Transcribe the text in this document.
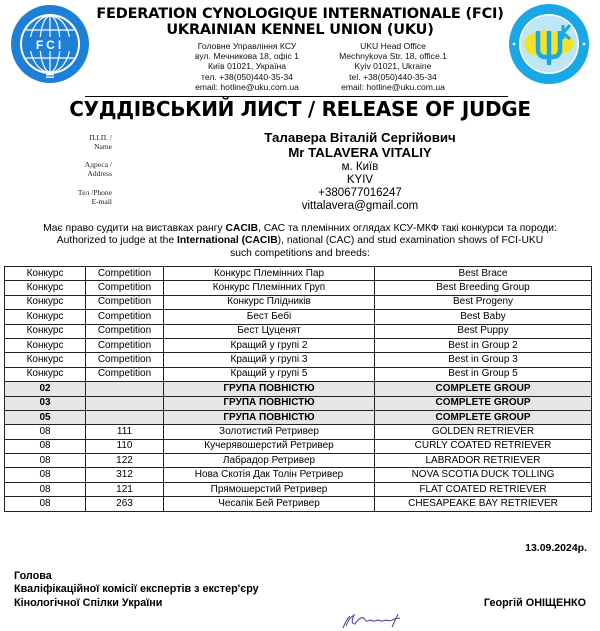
FCI
FEDERATION CYNOLOGIQUE INTERNATIONALE (FCI)
UKRAINIAN KENNEL UNION (UKU)
Головне Управління КСУ
вул. Мечникова 18, офіс 1
Київ 01021, Україна
тел. +38(050)440-35-34
email: hotline@uku.com.ua
UKU Head Office
Mechnykova Str. 18, office.1
Kyiv 01021, Ukraine
tel. +38(050)440-35-34
email: hotline@uku.com.ua
СУДДІВСЬКИЙ ЛИСТ / RELEASE OF JUDGE
П.І.П. /
Name
Адреса /
Address
Тел /Phone
E-mail
Талавера Віталій Сергійович
Mr TALAVERA VITALIY
м. Київ
KYIV
+380677016247
vittalavera@gmail.com
Має право судити на виставках рангу CACIB, САС та племінних оглядах КСУ-МКФ такі конкурси та породи:
Authorized to judge at the International (CACIB), national (CAC) and stud examination shows of FCI-UKU
such competitions and breeds:
Конкурс	Competition	Конкурс Племінних Пар	Best Brace
Конкурс	Competition	Конкурс Племінних Груп	Best Breeding Group
Конкурс	Competition	Конкурс Плідників	Best Progeny
Конкурс	Competition	Бест Бебі	Best Baby
Конкурс	Competition	Бест Цуценят	Best Puppy
Конкурс	Competition	Кращий у групі 2	Best in Group 2
Конкурс	Competition	Кращий у групі 3	Best in Group 3
Конкурс	Competition	Кращий у групі 5	Best in Group 5
02		ГРУПА ПОВНІСТЮ	COMPLETE GROUP
03		ГРУПА ПОВНІСТЮ	COMPLETE GROUP
05		ГРУПА ПОВНІСТЮ	COMPLETE GROUP
08	111	Золотистий Ретривер	GOLDEN RETRIEVER
08	110	Кучерявошерстий Ретривер	CURLY COATED RETRIEVER
08	122	Лабрадор Ретривер	LABRADOR RETRIEVER
08	312	Нова Скотія Дак Толін Ретривер	NOVA SCOTIA DUCK TOLLING
08	121	Прямошерстий Ретривер	FLAT COATED RETRIEVER
08	263	Чесапік Бей Ретривер	CHESAPEAKE BAY RETRIEVER
13.09.2024р.
Голова
Кваліфікаційної комісії експертів з екстер'єру
Кінологічної Спілки України	Георгій ОНІЩЕНКО
